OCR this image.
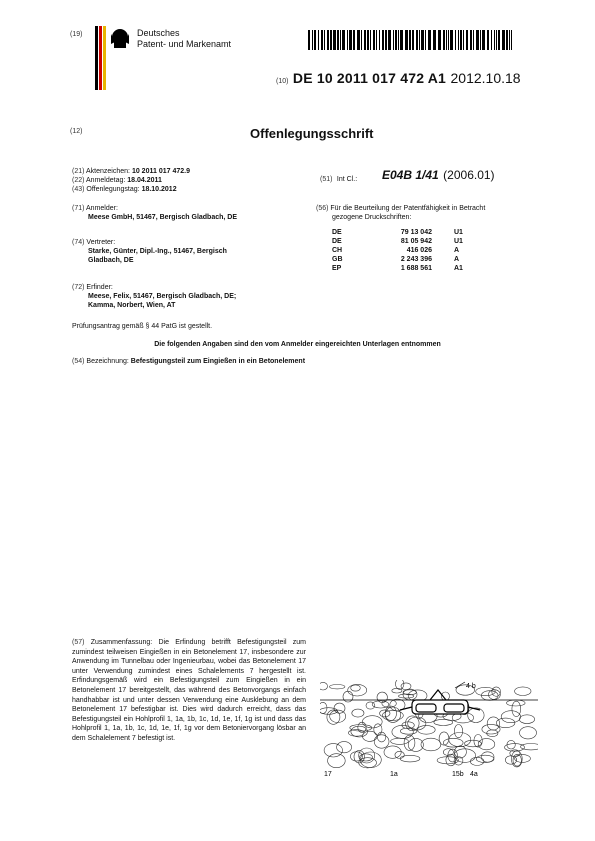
(19)	Deutsches
Patent- und Markenamt
(10) DE 10 2011 017 472 A1 2012.10.18
(12)	Offenlegungsschrift
(21) Aktenzeichen: 10 2011 017 472.9
(22) Anmeldetag: 18.04.2011
(43) Offenlegungstag: 18.10.2012
(51) Int Cl.: E04B 1/41 (2006.01)
(71) Anmelder:
Meese GmbH, 51467, Bergisch Gladbach, DE
(74) Vertreter:
Starke, Günter, Dipl.-Ing., 51467, Bergisch
Gladbach, DE
(72) Erfinder:
Meese, Felix, 51467, Bergisch Gladbach, DE;
Kamma, Norbert, Wien, AT
(56) Für die Beurteilung der Patentfähigkeit in Betracht
gezogene Druckschriften:
DE	79 13 042	U1
DE	81 05 942	U1
CH	416 026	A
GB	2 243 396	A
EP	1 688 561	A1
Prüfungsantrag gemäß § 44 PatG ist gestellt.
Die folgenden Angaben sind den vom Anmelder eingereichten Unterlagen entnommen
(54) Bezeichnung: Befestigungsteil zum Eingießen in ein Betonelement
(57) Zusammenfassung: Die Erfindung betrifft Befestigungsteil zum zumindest teilweisen Eingießen in ein Betonelement 17, insbesondere zur Anwendung im Tunnelbau oder Ingenieurbau, wobei das Betonelement 17 unter Verwendung zumindest eines Schalelements 7 hergestellt ist. Erfindungsgemäß wird ein Befestigungsteil zum Eingießen in ein Betonelement 17 bereitgestellt, das während des Betonvorgangs einfach handhabbar ist und unter dessen Verwendung eine Ausklebung an dem Betonelement 17 befestigbar ist. Dies wird dadurch erreicht, dass das Befestigungsteil ein Hohlprofil 1, 1a, 1b, 1c, 1d, 1e, 1f, 1g ist und dass das Hohlprofil 1, 1a, 1b, 1c, 1d, 1e, 1f, 1g vor dem Betoniervorgang lösbar an dem Schalelement 7 befestigt ist.
4 b
17	1a	15b 4a
